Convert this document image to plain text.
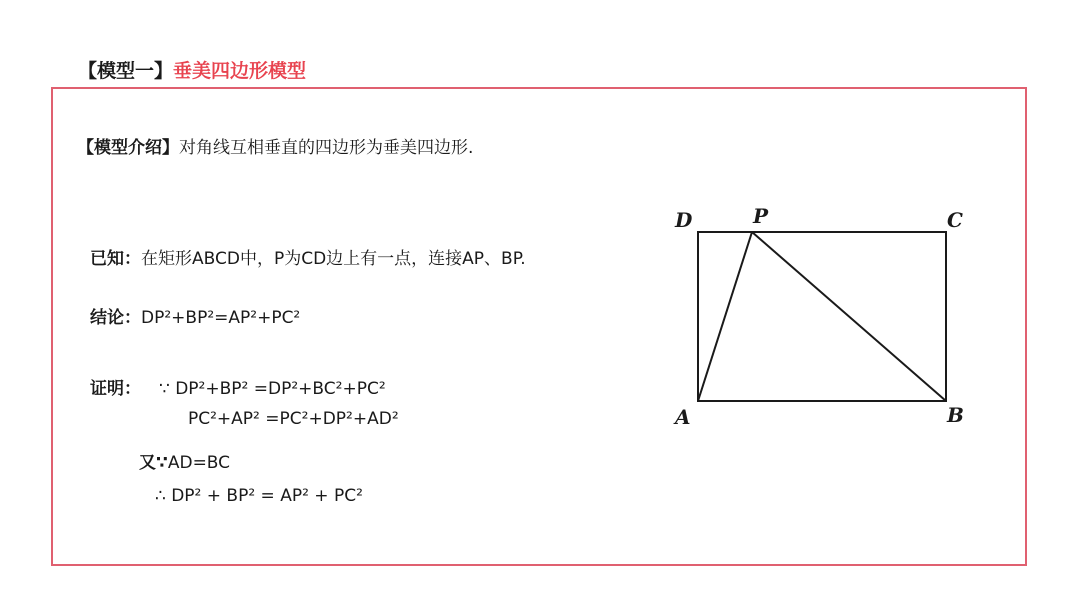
【模型一】垂美四边形模型
【模型介绍】对角线互相垂直的四边形为垂美四边形.
已知：在矩形ABCD中，P为CD边上有一点，连接AP、BP.
结论：DP²+BP²=AP²+PC²
证明： ∵ DP²+BP² =DP²+BC²+PC²
PC²+AP² =PC²+DP²+AD²
又∵AD=BC
∴ DP² + BP² = AP² + PC²
D	P	C
A	B
